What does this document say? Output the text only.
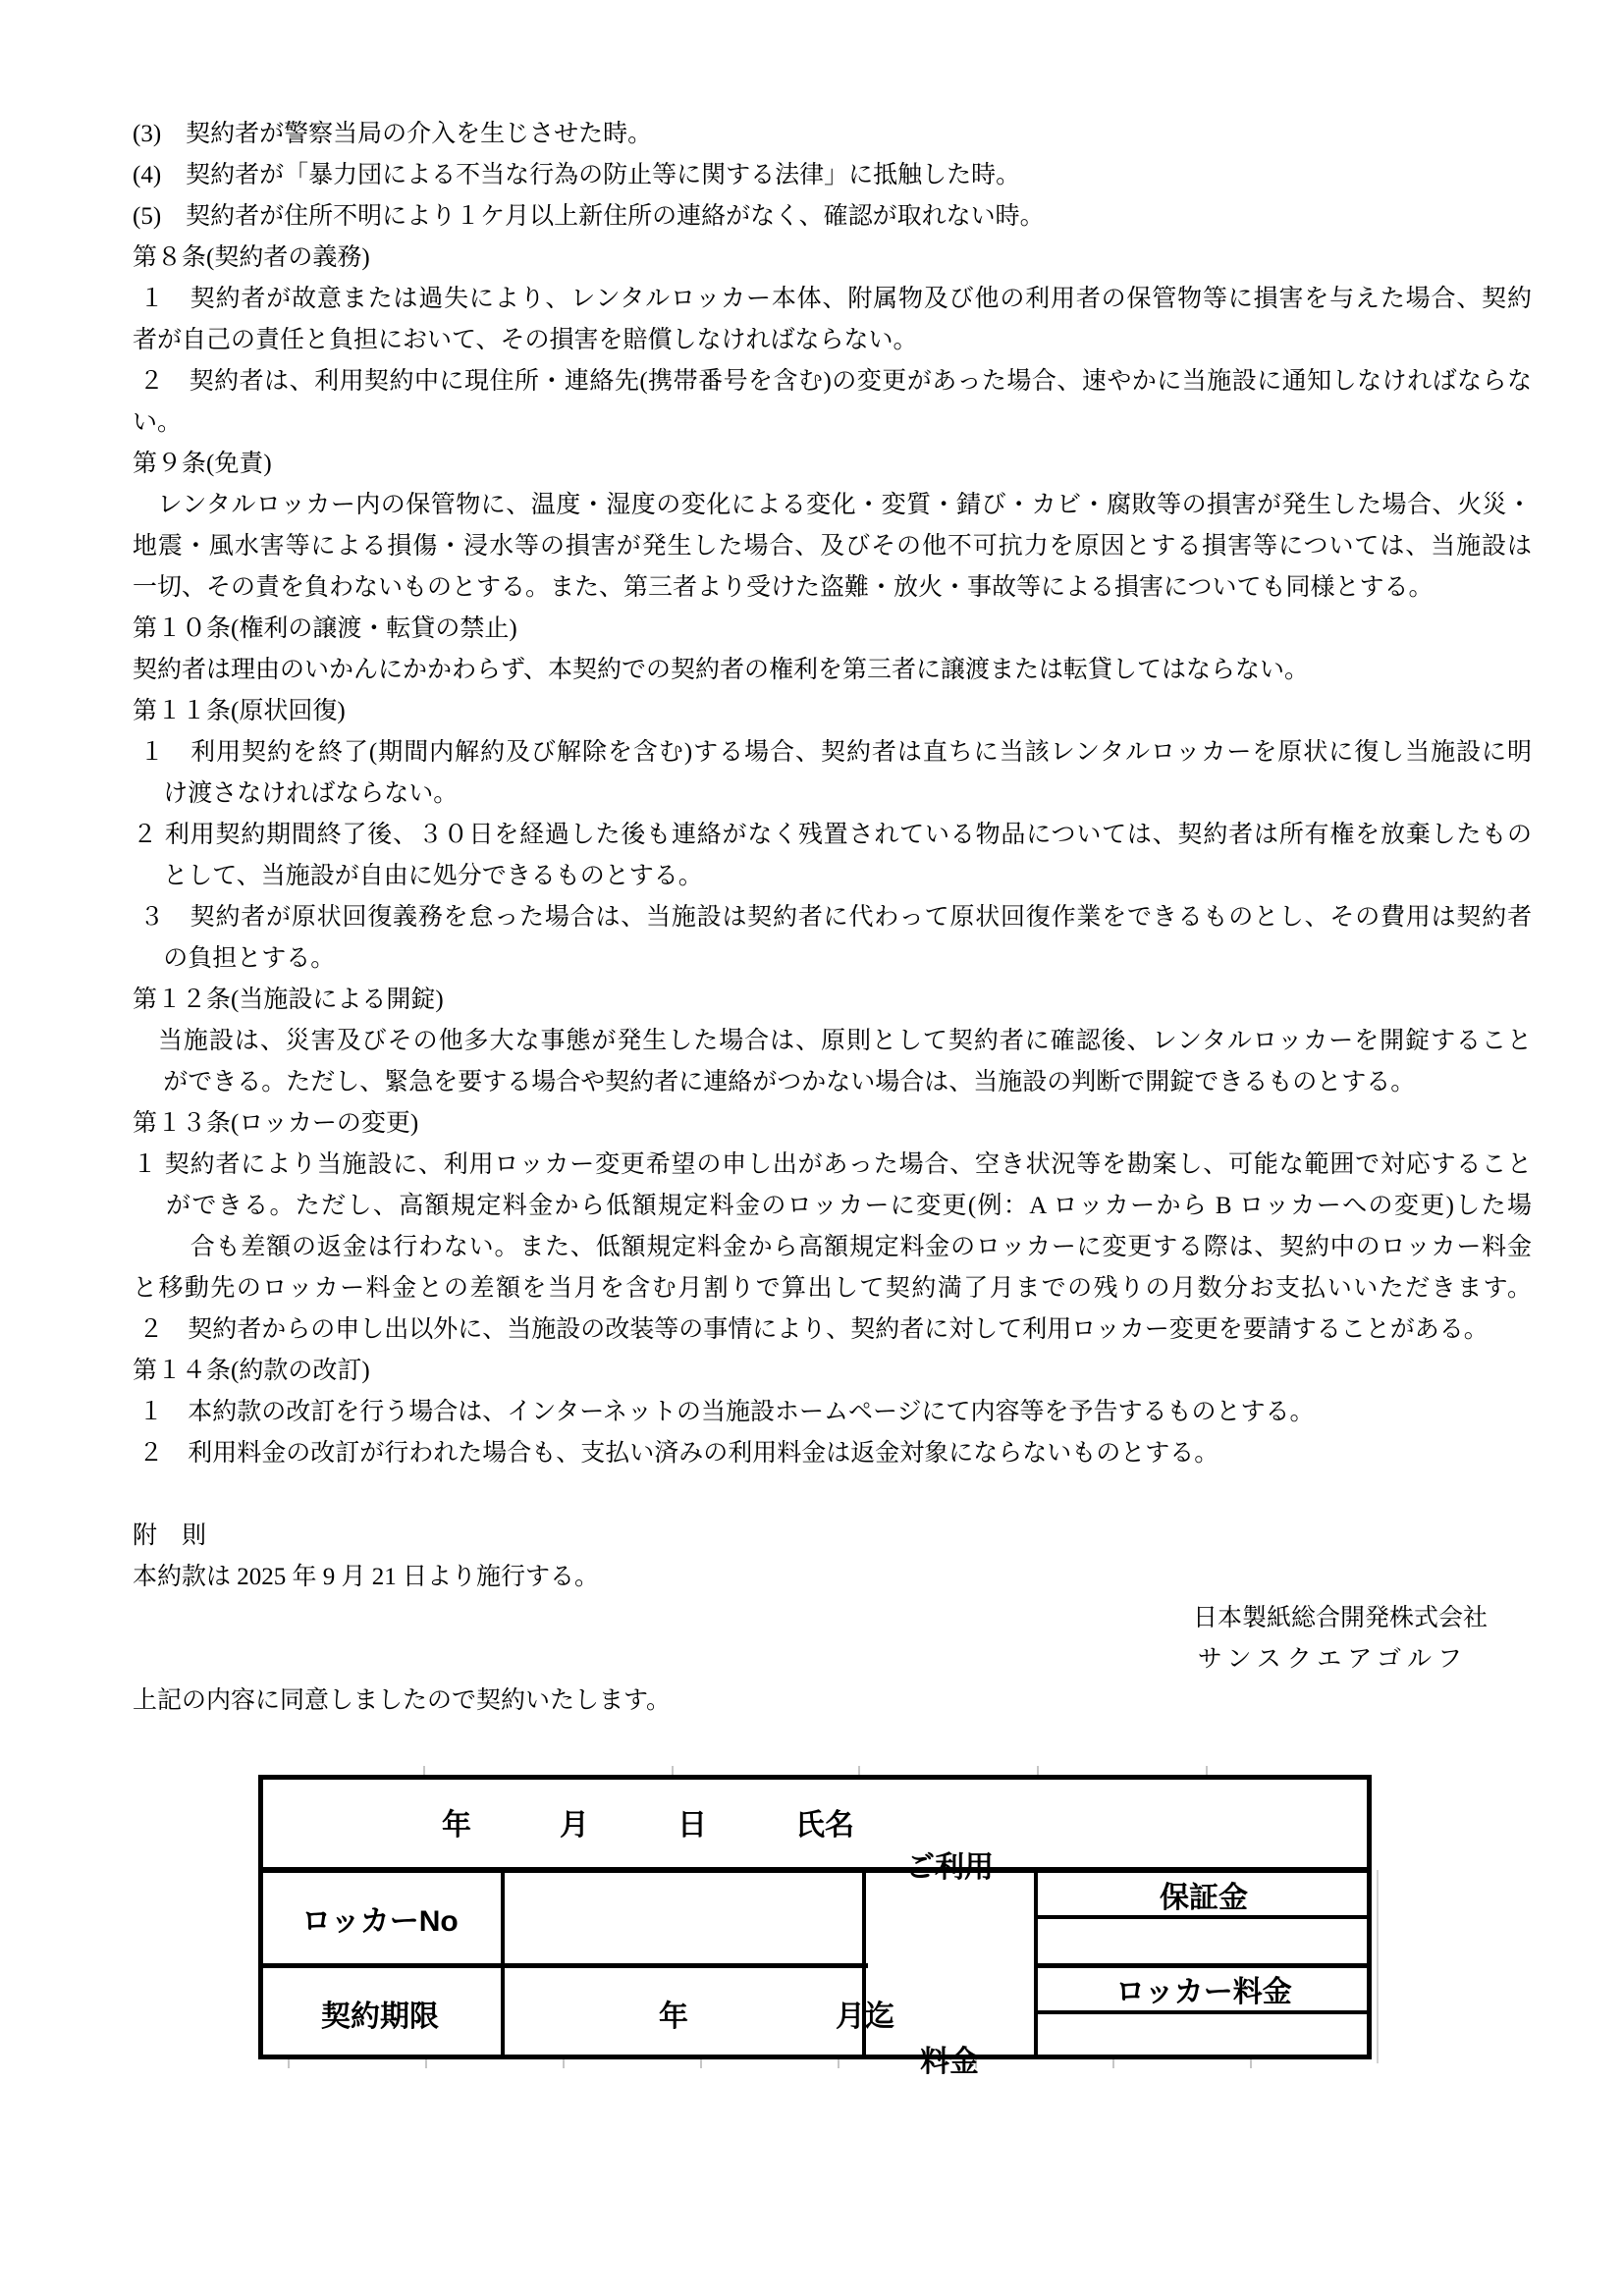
(3)　契約者が警察当局の介入を生じさせた時。
(4)　契約者が「暴力団による不当な行為の防止等に関する法律」に抵触した時。
(5)　契約者が住所不明により１ケ月以上新住所の連絡がなく、確認が取れない時。
第８条(契約者の義務)
１　契約者が故意または過失により、レンタルロッカー本体、附属物及び他の利用者の保管物等に損害を与えた場合、契約
者が自己の責任と負担において、その損害を賠償しなければならない。
２　契約者は、利用契約中に現住所・連絡先(携帯番号を含む)の変更があった場合、速やかに当施設に通知しなければならな
い。
第９条(免責)
　レンタルロッカー内の保管物に、温度・湿度の変化による変化・変質・錆び・カビ・腐敗等の損害が発生した場合、火災・
地震・風水害等による損傷・浸水等の損害が発生した場合、及びその他不可抗力を原因とする損害等については、当施設は
一切、その責を負わないものとする。また、第三者より受けた盗難・放火・事故等による損害についても同様とする。
第１０条(権利の譲渡・転貸の禁止)
契約者は理由のいかんにかかわらず、本契約での契約者の権利を第三者に譲渡または転貸してはならない。
第１１条(原状回復)
１　利用契約を終了(期間内解約及び解除を含む)する場合、契約者は直ちに当該レンタルロッカーを原状に復し当施設に明
　 け渡さなければならない。
２ 利用契約期間終了後、３０日を経過した後も連絡がなく残置されている物品については、契約者は所有権を放棄したもの
　 として、当施設が自由に処分できるものとする。
３　契約者が原状回復義務を怠った場合は、当施設は契約者に代わって原状回復作業をできるものとし、その費用は契約者
　 の負担とする。
第１２条(当施設による開錠)
　当施設は、災害及びその他多大な事態が発生した場合は、原則として契約者に確認後、レンタルロッカーを開錠すること
　 ができる。ただし、緊急を要する場合や契約者に連絡がつかない場合は、当施設の判断で開錠できるものとする。
第１３条(ロッカーの変更)
１ 契約者により当施設に、利用ロッカー変更希望の申し出があった場合、空き状況等を勘案し、可能な範囲で対応すること
　 ができる。ただし、高額規定料金から低額規定料金のロッカーに変更(例：A ロッカーから B ロッカーへの変更)した場
　　 合も差額の返金は行わない。また、低額規定料金から高額規定料金のロッカーに変更する際は、契約中のロッカー料金
と移動先のロッカー料金との差額を当月を含む月割りで算出して契約満了月までの残りの月数分お支払いいただきます。
２　契約者からの申し出以外に、当施設の改装等の事情により、契約者に対して利用ロッカー変更を要請することがある。
第１４条(約款の改訂)
１　本約款の改訂を行う場合は、インターネットの当施設ホームページにて内容等を予告するものとする。
２　利用料金の改訂が行われた場合も、支払い済みの利用料金は返金対象にならないものとする。

附　則
本約款は 2025 年 9 月 21 日より施行する。
日本製紙総合開発株式会社
サンスクエアゴルフ
上記の内容に同意しましたので契約いたします。
年　　　月　　　日　　　氏名
ロッカーNo
契約期限	年　　　　　月迄

ご利用

料金

保証金
ロッカー料金
